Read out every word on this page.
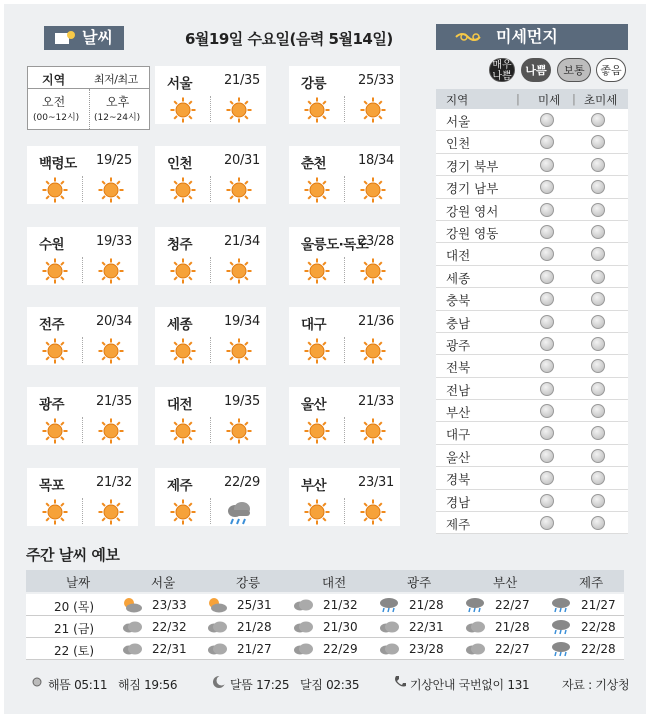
날씨	6월19일 수요일(음력 5월14일)	미세먼지
지역	최저/최고
오전
(00~12시)
오후
(12~24시)
서울 21/35	강릉 25/33
백령도 19/25	인천 20/31	춘천 18/34
수원 19/33	청주 21/34	울릉도·독도
23/28
전주 20/34	세종 19/34	대구 21/36
광주 21/35	대전 19/35	울산 21/33
목포 21/32	제주 22/29	부산 23/31
매우 나쁨	나쁨	보통	좋음
지역	| 미세 | 초미세
서울
인천
경기 북부
경기 남부
강원 영서
강원 영동
대전
세종
충북
충남
광주
전북
전남
부산
대구
울산
경북
경남
제주
주간 날씨 예보
날짜	서울	강릉	대전	광주	부산	제주
20 (목)	23/33	25/31	21/32	21/28	22/27	21/27
21 (금)	22/32	21/28	21/30	22/31	21/28	22/28
22 (토)	22/31	21/27	22/29	23/28	22/27	22/28
해뜸 05:11 해짐 19:56	달뜸 17:25 달짐 02:35	기상안내 국번없이 131	자료 : 기상청
